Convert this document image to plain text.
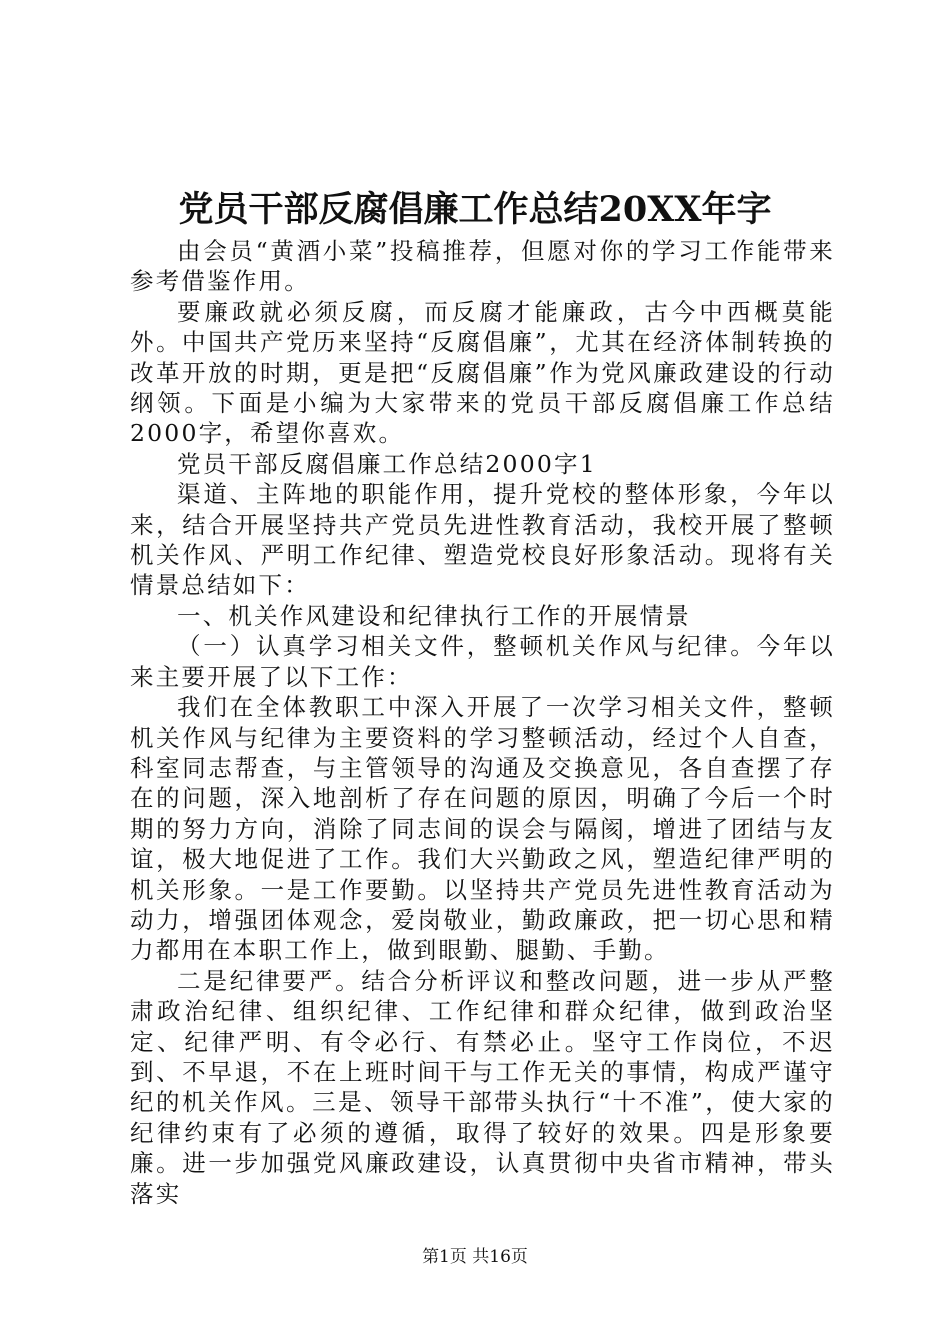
党员干部反腐倡廉工作总结20XX年字

由会员“黄酒小菜”投稿推荐，但愿对你的学习工作能带来参考借鉴作用。

要廉政就必须反腐，而反腐才能廉政，古今中西概莫能外。中国共产党历来坚持“反腐倡廉”，尤其在经济体制转换的改革开放的时期，更是把“反腐倡廉”作为党风廉政建设的行动纲领。下面是小编为大家带来的党员干部反腐倡廉工作总结2000字，希望你喜欢。

党员干部反腐倡廉工作总结2000字1

渠道、主阵地的职能作用，提升党校的整体形象，今年以来，结合开展坚持共产党员先进性教育活动，我校开展了整顿机关作风、严明工作纪律、塑造党校良好形象活动。现将有关情景总结如下：

一、机关作风建设和纪律执行工作的开展情景

（一）认真学习相关文件，整顿机关作风与纪律。今年以来主要开展了以下工作：

我们在全体教职工中深入开展了一次学习相关文件，整顿机关作风与纪律为主要资料的学习整顿活动，经过个人自查，科室同志帮查，与主管领导的沟通及交换意见，各自查摆了存在的问题，深入地剖析了存在问题的原因，明确了今后一个时期的努力方向，消除了同志间的误会与隔阂，增进了团结与友谊，极大地促进了工作。我们大兴勤政之风，塑造纪律严明的机关形象。一是工作要勤。以坚持共产党员先进性教育活动为动力，增强团体观念，爱岗敬业，勤政廉政，把一切心思和精力都用在本职工作上，做到眼勤、腿勤、手勤。

二是纪律要严。结合分析评议和整改问题，进一步从严整肃政治纪律、组织纪律、工作纪律和群众纪律，做到政治坚定、纪律严明、有令必行、有禁必止。坚守工作岗位，不迟到、不早退，不在上班时间干与工作无关的事情，构成严谨守纪的机关作风。三是、领导干部带头执行“十不准”，使大家的纪律约束有了必须的遵循，取得了较好的效果。四是形象要廉。进一步加强党风廉政建设，认真贯彻中央省市精神，带头落实

第1页 共16页
